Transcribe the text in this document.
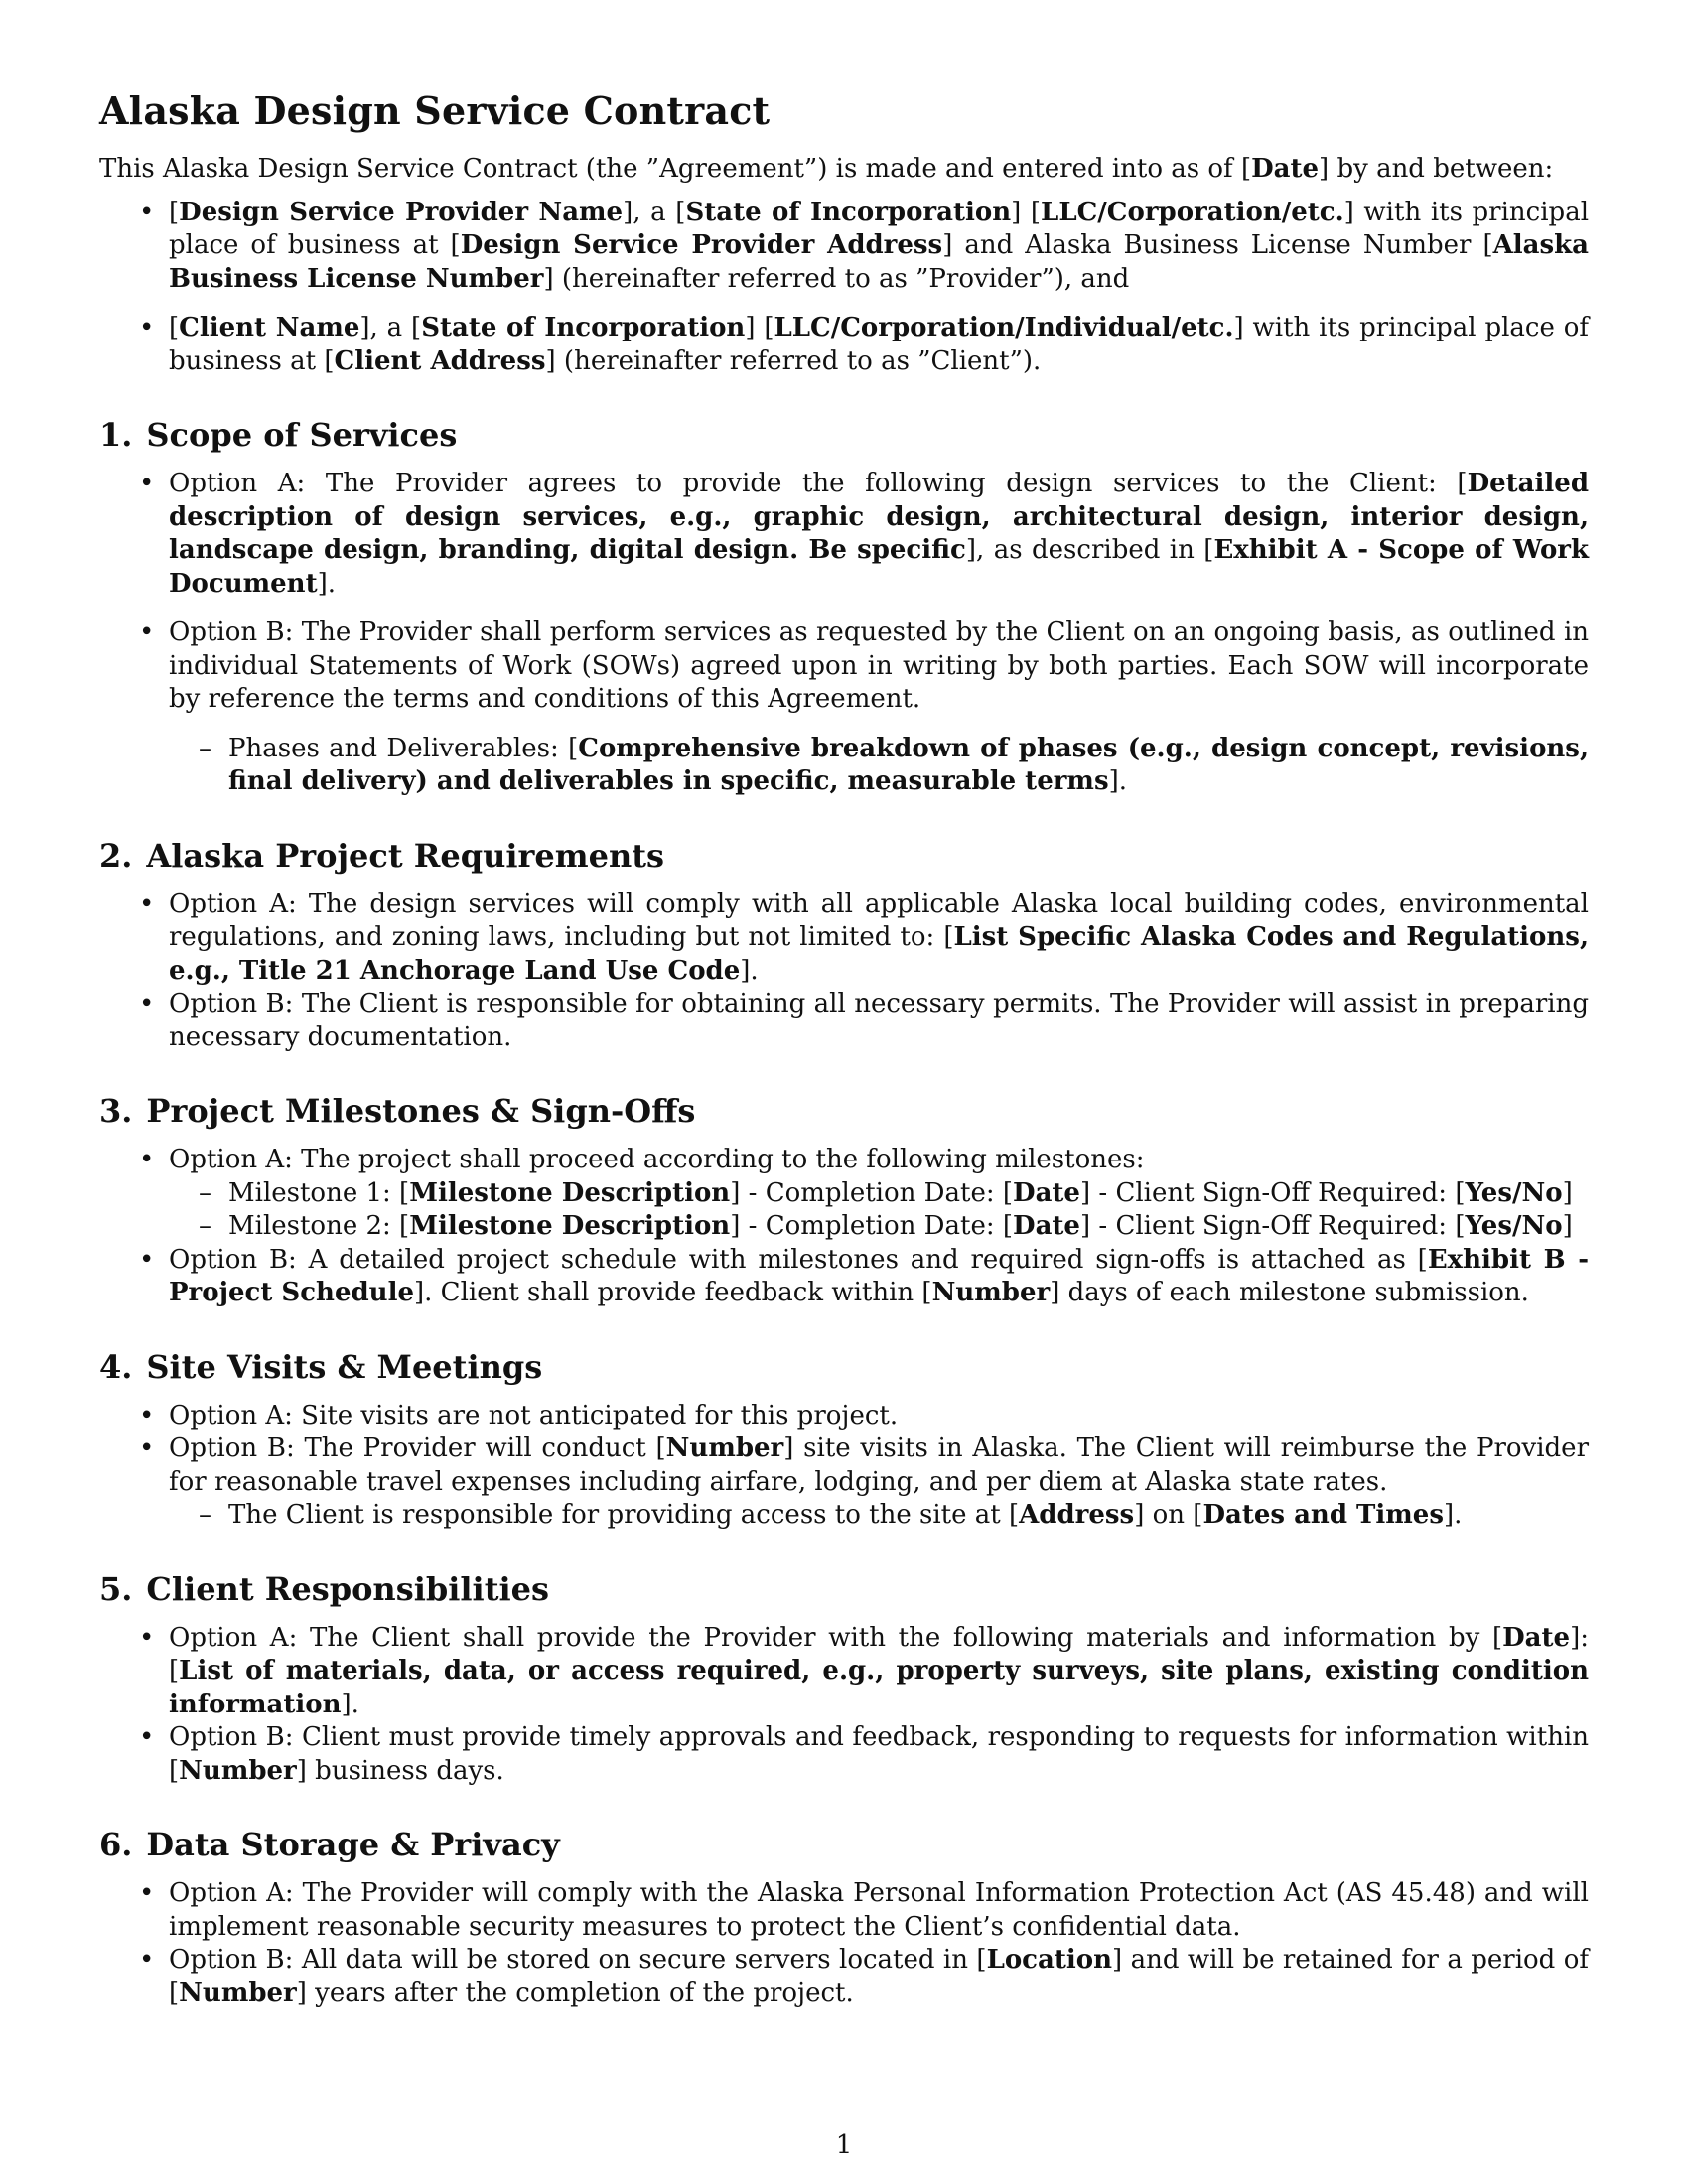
Alaska Design Service Contract

This Alaska Design Service Contract (the ”Agreement”) is made and entered into as of [Date] by and between:

• [Design Service Provider Name], a [State of Incorporation] [LLC/Corporation/etc.] with its principal place of business at [Design Service Provider Address] and Alaska Business License Number [Alaska Business License Number] (hereinafter referred to as ”Provider”), and
• [Client Name], a [State of Incorporation] [LLC/Corporation/Individual/etc.] with its principal place of business at [Client Address] (hereinafter referred to as ”Client”).
1. Scope of Services
• Option A: The Provider agrees to provide the following design services to the Client: [Detailed description of design services, e.g., graphic design, architectural design, interior design, landscape design, branding, digital design. Be specific], as described in [Exhibit A - Scope of Work Document].
• Option B: The Provider shall perform services as requested by the Client on an ongoing basis, as outlined in individual Statements of Work (SOWs) agreed upon in writing by both parties. Each SOW will incorporate by reference the terms and conditions of this Agreement.
– Phases and Deliverables: [Comprehensive breakdown of phases (e.g., design concept, revisions, final delivery) and deliverables in specific, measurable terms].
2. Alaska Project Requirements
• Option A: The design services will comply with all applicable Alaska local building codes, environmental regulations, and zoning laws, including but not limited to: [List Specific Alaska Codes and Regulations, e.g., Title 21 Anchorage Land Use Code].
• Option B: The Client is responsible for obtaining all necessary permits. The Provider will assist in preparing necessary documentation.
3. Project Milestones & Sign-Offs
• Option A: The project shall proceed according to the following milestones:
– Milestone 1: [Milestone Description] - Completion Date: [Date] - Client Sign-Off Required: [Yes/No]
– Milestone 2: [Milestone Description] - Completion Date: [Date] - Client Sign-Off Required: [Yes/No]
• Option B: A detailed project schedule with milestones and required sign-offs is attached as [Exhibit B - Project Schedule]. Client shall provide feedback within [Number] days of each milestone submission.
4. Site Visits & Meetings
• Option A: Site visits are not anticipated for this project.
• Option B: The Provider will conduct [Number] site visits in Alaska. The Client will reimburse the Provider for reasonable travel expenses including airfare, lodging, and per diem at Alaska state rates.
– The Client is responsible for providing access to the site at [Address] on [Dates and Times].
5. Client Responsibilities
• Option A: The Client shall provide the Provider with the following materials and information by [Date]: [List of materials, data, or access required, e.g., property surveys, site plans, existing condition information].
• Option B: Client must provide timely approvals and feedback, responding to requests for information within [Number] business days.
6. Data Storage & Privacy
• Option A: The Provider will comply with the Alaska Personal Information Protection Act (AS 45.48) and will implement reasonable security measures to protect the Client’s confidential data.
• Option B: All data will be stored on secure servers located in [Location] and will be retained for a period of [Number] years after the completion of the project.
1
